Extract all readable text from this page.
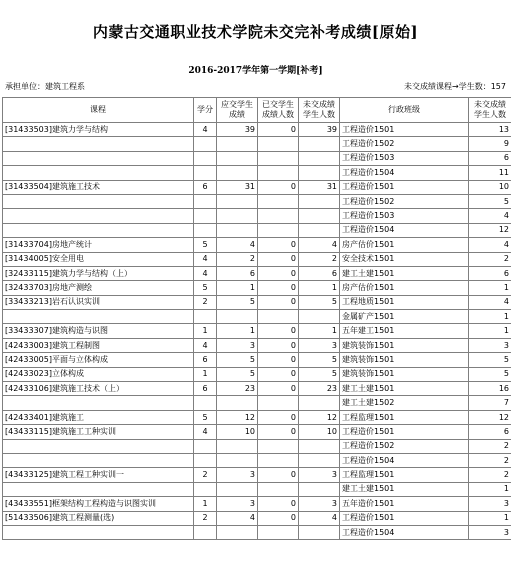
内蒙古交通职业技术学院未交完补考成绩[原始]
2016-2017学年第一学期[补考]
承担单位：建筑工程系	未交成绩课程→学生数：157
课程	学分	应交学生成绩	已交学生成绩人数	未交成绩学生人数	行政班级	未交成绩学生人数
[31433503]建筑力学与结构	4	39	0	39	工程造价1501	13
					工程造价1502	9
					工程造价1503	6
					工程造价1504	11
[31433504]建筑施工技术	6	31	0	31	工程造价1501	10
					工程造价1502	5
					工程造价1503	4
					工程造价1504	12
[31433704]房地产统计	5	4	0	4	房产估价1501	4
[31434005]安全用电	4	2	0	2	安全技术1501	2
[32433115]建筑力学与结构（上）	4	6	0	6	建工土建1501	6
[32433703]房地产测绘	5	1	0	1	房产估价1501	1
[33433213]岩石认识实训	2	5	0	5	工程地质1501	4
					金属矿产1501	1
[33433307]建筑构造与识图	1	1	0	1	五年建工1501	1
[42433003]建筑工程制图	4	3	0	3	建筑装饰1501	3
[42433005]平面与立体构成	6	5	0	5	建筑装饰1501	5
[42433023]立体构成	1	5	0	5	建筑装饰1501	5
[42433106]建筑施工技术（上）	6	23	0	23	建工土建1501	16
					建工土建1502	7
[42433401]建筑施工	5	12	0	12	工程监理1501	12
[43433115]建筑施工工种实训	4	10	0	10	工程造价1501	6
					工程造价1502	2
					工程造价1504	2
[43433125]建筑工程工种实训一	2	3	0	3	工程监理1501	2
					建工土建1501	1
[43433551]框架结构工程构造与识图实训	1	3	0	3	五年造价1501	3
[51433506]建筑工程测量(选)	2	4	0	4	工程造价1501	1
					工程造价1504	3
